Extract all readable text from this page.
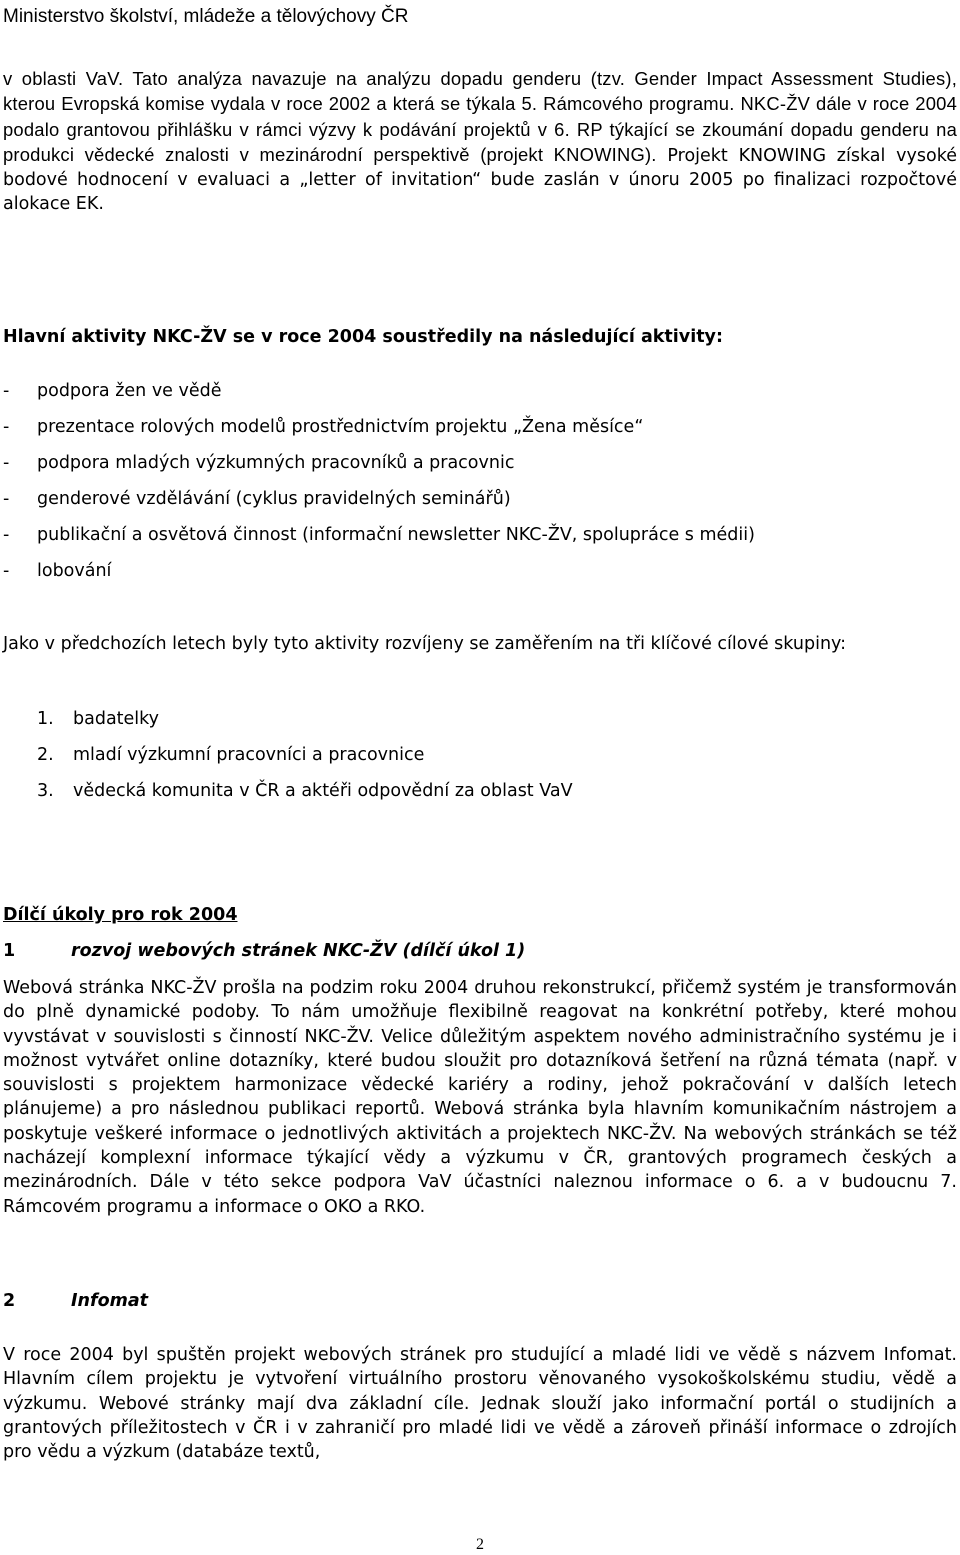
Ministerstvo školství, mládeže a tělovýchovy ČR
v oblasti VaV. Tato analýza navazuje na analýzu dopadu genderu (tzv. Gender Impact Assessment Studies), kterou Evropská komise vydala v roce 2002 a která se týkala 5. Rámcového programu. NKC-ŽV dále v roce 2004 podalo grantovou přihlášku v rámci výzvy k podávání projektů v 6. RP týkající se zkoumání dopadu genderu na produkci vědecké znalosti v mezinárodní perspektivě (projekt KNOWING). Projekt KNOWING získal vysoké bodové hodnocení v evaluaci a „letter of invitation“ bude zaslán v únoru 2005 po finalizaci rozpočtové alokace EK.
Hlavní aktivity NKC-ŽV se v roce 2004 soustředily na následující aktivity:
- podpora žen ve vědě
- prezentace rolových modelů prostřednictvím projektu „Žena měsíce“
- podpora mladých výzkumných pracovníků a pracovnic
- genderové vzdělávání (cyklus pravidelných seminářů)
- publikační a osvětová činnost (informační newsletter NKC-ŽV, spolupráce s médii)
- lobování
Jako v předchozích letech byly tyto aktivity rozvíjeny se zaměřením na tři klíčové cílové skupiny:
1. badatelky
2. mladí výzkumní pracovníci a pracovnice
3. vědecká komunita v ČR a aktéři odpovědní za oblast VaV
Dílčí úkoly pro rok 2004
1	rozvoj webových stránek NKC-ŽV (dílčí úkol 1)
Webová stránka NKC-ŽV prošla na podzim roku 2004 druhou rekonstrukcí, přičemž systém je transformován do plně dynamické podoby. To nám umožňuje flexibilně reagovat na konkrétní potřeby, které mohou vyvstávat v souvislosti s činností NKC-ŽV. Velice důležitým aspektem nového administračního systému je i možnost vytvářet online dotazníky, které budou sloužit pro dotazníková šetření na různá témata (např. v souvislosti s projektem harmonizace vědecké kariéry a rodiny, jehož pokračování v dalších letech plánujeme) a pro následnou publikaci reportů. Webová stránka byla hlavním komunikačním nástrojem a poskytuje veškeré informace o jednotlivých aktivitách a projektech NKC-ŽV. Na webových stránkách se též nacházejí komplexní informace týkající vědy a výzkumu v ČR, grantových programech českých a mezinárodních. Dále v této sekce podpora VaV účastníci naleznou informace o 6. a v budoucnu 7. Rámcovém programu a informace o OKO a RKO.
2	Infomat
V roce 2004 byl spuštěn projekt webových stránek pro studující a mladé lidi ve vědě s názvem Infomat. Hlavním cílem projektu je vytvoření virtuálního prostoru věnovaného vysokoškolskému studiu, vědě a výzkumu. Webové stránky mají dva základní cíle. Jednak slouží jako informační portál o studijních a grantových příležitostech v ČR i v zahraničí pro mladé lidi ve vědě a zároveň přináší informace o zdrojích pro vědu a výzkum (databáze textů,
2
